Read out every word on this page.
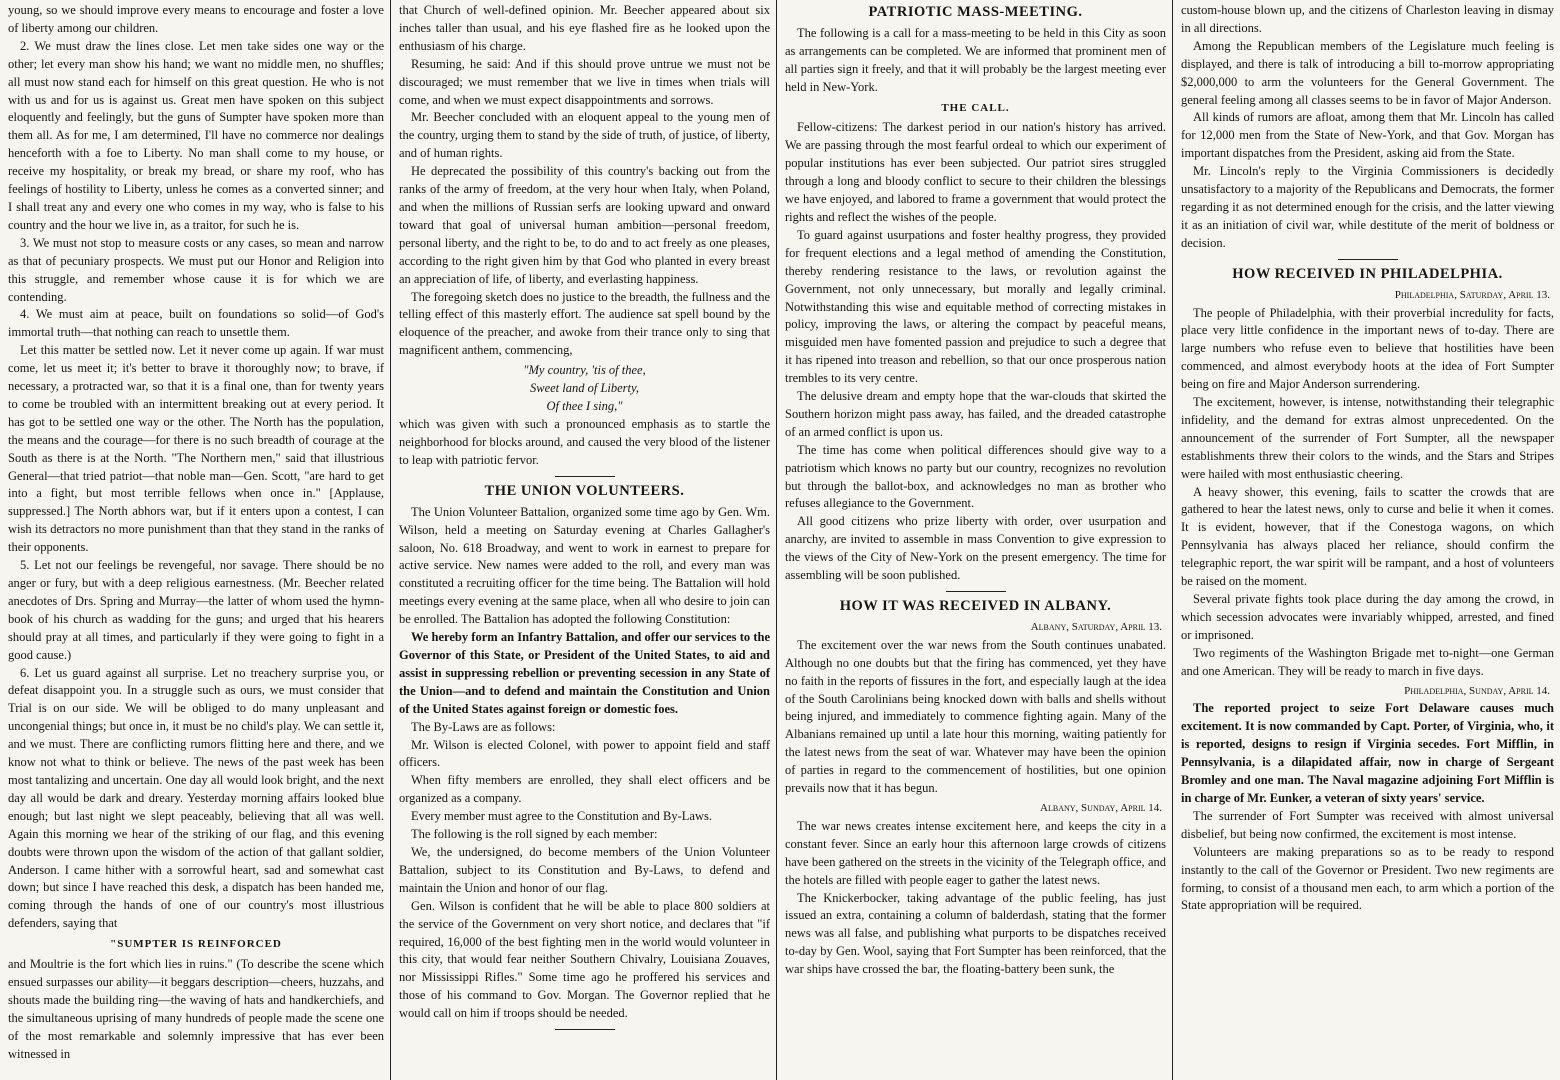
young, so we should improve every means to encourage and foster a love of liberty among our children.

2. We must draw the lines close. Let men take sides one way or the other; let every man show his hand; we want no middle men, no shuffles; all must now stand each for himself on this great question. He who is not with us and for us is against us. Great men have spoken on this subject eloquently and feelingly, but the guns of Sumpter have spoken more than them all. As for me, I am determined, I'll have no commerce nor dealings henceforth with a foe to Liberty. No man shall come to my house, or receive my hospitality, or break my bread, or share my roof, who has feelings of hostility to Liberty, unless he comes as a converted sinner; and I shall treat any and every one who comes in my way, who is false to his country and the hour we live in, as a traitor, for such he is.

3. We must not stop to measure costs or any cases, so mean and narrow as that of pecuniary prospects. We must put our Honor and Religion into this struggle, and remember whose cause it is for which we are contending.

4. We must aim at peace, built on foundations so solid—of God's immortal truth—that nothing can reach to unsettle them.

Let this matter be settled now. Let it never come up again. If war must come, let us meet it; it's better to brave it thoroughly now; to brave, if necessary, a protracted war, so that it is a final one, than for twenty years to come be troubled with an intermittent breaking out at every period. It has got to be settled one way or the other. The North has the population, the means and the courage—for there is no such breadth of courage at the South as there is at the North. "The Northern men," said that illustrious General—that tried patriot—that noble man—Gen. Scott, "are hard to get into a fight, but most terrible fellows when once in." [Applause, suppressed.] The North abhors war, but if it enters upon a contest, I can wish its detractors no more punishment than that they stand in the ranks of their opponents.

5. Let not our feelings be revengeful, nor savage. There should be no anger or fury, but with a deep religious earnestness. (Mr. Beecher related anecdotes of Drs. Spring and Murray—the latter of whom used the hymn-book of his church as wadding for the guns; and urged that his hearers should pray at all times, and particularly if they were going to fight in a good cause.)

6. Let us guard against all surprise. Let no treachery surprise you, or defeat disappoint you. In a struggle such as ours, we must consider that Trial is on our side. We will be obliged to do many unpleasant and uncongenial things; but once in, it must be no child's play. We can settle it, and we must. There are conflicting rumors flitting here and there, and we know not what to think or believe. The news of the past week has been most tantalizing and uncertain. One day all would look bright, and the next day all would be dark and dreary. Yesterday morning affairs looked blue enough; but last night we slept peaceably, believing that all was well. Again this morning we hear of the striking of our flag, and this evening doubts were thrown upon the wisdom of the action of that gallant soldier, Anderson. I came hither with a sorrowful heart, sad and somewhat cast down; but since I have reached this desk, a dispatch has been handed me, coming through the hands of one of our country's most illustrious defenders, saying that

"SUMPTER IS REINFORCED

and Moultrie is the fort which lies in ruins." (To describe the scene which ensued surpasses our ability—it beggars description—cheers, huzzahs, and shouts made the building ring—the waving of hats and handkerchiefs, and the simultaneous uprising of many hundreds of people made the scene one of the most remarkable and solemnly impressive that has ever been witnessed in

that Church of well-defined opinion. Mr. Beecher appeared about six inches taller than usual, and his eye flashed fire as he looked upon the enthusiasm of his charge.

Resuming, he said: And if this should prove untrue we must not be discouraged; we must remember that we live in times when trials will come, and when we must expect disappointments and sorrows.

Mr. Beecher concluded with an eloquent appeal to the young men of the country, urging them to stand by the side of truth, of justice, of liberty, and of human rights.

He deprecated the possibility of this country's backing out from the ranks of the army of freedom, at the very hour when Italy, when Poland, and when the millions of Russian serfs are looking upward and onward toward that goal of universal human ambition—personal freedom, personal liberty, and the right to be, to do and to act freely as one pleases, according to the right given him by that God who planted in every breast an appreciation of life, of liberty, and everlasting happiness.

The foregoing sketch does no justice to the breadth, the fullness and the telling effect of this masterly effort. The audience sat spell bound by the eloquence of the preacher, and awoke from their trance only to sing that magnificent anthem, commencing,

"My country, 'tis of thee,
Sweet land of Liberty,
Of thee I sing,"

which was given with such a pronounced emphasis as to startle the neighborhood for blocks around, and caused the very blood of the listener to leap with patriotic fervor.

THE UNION VOLUNTEERS.

The Union Volunteer Battalion, organized some time ago by Gen. Wm. Wilson, held a meeting on Saturday evening at Charles Gallagher's saloon, No. 618 Broadway, and went to work in earnest to prepare for active service. New names were added to the roll, and every man was constituted a recruiting officer for the time being. The Battalion will hold meetings every evening at the same place, when all who desire to join can be enrolled. The Battalion has adopted the following Constitution:

We hereby form an Infantry Battalion, and offer our services to the Governor of this State, or President of the United States, to aid and assist in suppressing rebellion or preventing secession in any State of the Union—and to defend and maintain the Constitution and Union of the United States against foreign or domestic foes.

The By-Laws are as follows:

Mr. Wilson is elected Colonel, with power to appoint field and staff officers.

When fifty members are enrolled, they shall elect officers and be organized as a company.

Every member must agree to the Constitution and By-Laws.

The following is the roll signed by each member:

We, the undersigned, do become members of the Union Volunteer Battalion, subject to its Constitution and By-Laws, to defend and maintain the Union and honor of our flag.

Gen. Wilson is confident that he will be able to place 800 soldiers at the service of the Government on very short notice, and declares that "if required, 16,000 of the best fighting men in the world would volunteer in this city, that would fear neither Southern Chivalry, Louisiana Zouaves, nor Mississippi Rifles." Some time ago he proffered his services and those of his command to Gov. Morgan. The Governor replied that he would call on him if troops should be needed.

PATRIOTIC MASS-MEETING.

The following is a call for a mass-meeting to be held in this City as soon as arrangements can be completed. We are informed that prominent men of all parties sign it freely, and that it will probably be the largest meeting ever held in New-York.

THE CALL.

Fellow-citizens: The darkest period in our nation's history has arrived. We are passing through the most fearful ordeal to which our experiment of popular institutions has ever been subjected. Our patriot sires struggled through a long and bloody conflict to secure to their children the blessings we have enjoyed, and labored to frame a government that would protect the rights and reflect the wishes of the people.

To guard against usurpations and foster healthy progress, they provided for frequent elections and a legal method of amending the Constitution, thereby rendering resistance to the laws, or revolution against the Government, not only unnecessary, but morally and legally criminal. Notwithstanding this wise and equitable method of correcting mistakes in policy, improving the laws, or altering the compact by peaceful means, misguided men have fomented passion and prejudice to such a degree that it has ripened into treason and rebellion, so that our once prosperous nation trembles to its very centre.

The delusive dream and empty hope that the war-clouds that skirted the Southern horizon might pass away, has failed, and the dreaded catastrophe of an armed conflict is upon us.

The time has come when political differences should give way to a patriotism which knows no party but our country, recognizes no revolution but through the ballot-box, and acknowledges no man as brother who refuses allegiance to the Government.

All good citizens who prize liberty with order, over usurpation and anarchy, are invited to assemble in mass Convention to give expression to the views of the City of New-York on the present emergency. The time for assembling will be soon published.

HOW IT WAS RECEIVED IN ALBANY.
Albany, Saturday, April 13.

The excitement over the war news from the South continues unabated. Although no one doubts but that the firing has commenced, yet they have no faith in the reports of fissures in the fort, and especially laugh at the idea of the South Carolinians being knocked down with balls and shells without being injured, and immediately to commence fighting again. Many of the Albanians remained up until a late hour this morning, waiting patiently for the latest news from the seat of war. Whatever may have been the opinion of parties in regard to the commencement of hostilities, but one opinion prevails now that it has begun.

Albany, Sunday, April 14.

The war news creates intense excitement here, and keeps the city in a constant fever. Since an early hour this afternoon large crowds of citizens have been gathered on the streets in the vicinity of the Telegraph office, and the hotels are filled with people eager to gather the latest news.

The Knickerbocker, taking advantage of the public feeling, has just issued an extra, containing a column of balderdash, stating that the former news was all false, and publishing what purports to be dispatches received to-day by Gen. Wool, saying that Fort Sumpter has been reinforced, that the war ships have crossed the bar, the floating-battery been sunk, the

custom-house blown up, and the citizens of Charleston leaving in dismay in all directions.

Among the Republican members of the Legislature much feeling is displayed, and there is talk of introducing a bill to-morrow appropriating $2,000,000 to arm the volunteers for the General Government. The general feeling among all classes seems to be in favor of Major Anderson.

All kinds of rumors are afloat, among them that Mr. Lincoln has called for 12,000 men from the State of New-York, and that Gov. Morgan has important dispatches from the President, asking aid from the State.

Mr. Lincoln's reply to the Virginia Commissioners is decidedly unsatisfactory to a majority of the Republicans and Democrats, the former regarding it as not determined enough for the crisis, and the latter viewing it as an initiation of civil war, while destitute of the merit of boldness or decision.

HOW RECEIVED IN PHILADELPHIA.
Philadelphia, Saturday, April 13.

The people of Philadelphia, with their proverbial incredulity for facts, place very little confidence in the important news of to-day. There are large numbers who refuse even to believe that hostilities have been commenced, and almost everybody hoots at the idea of Fort Sumpter being on fire and Major Anderson surrendering.

The excitement, however, is intense, notwithstanding their telegraphic infidelity, and the demand for extras almost unprecedented. On the announcement of the surrender of Fort Sumpter, all the newspaper establishments threw their colors to the winds, and the Stars and Stripes were hailed with most enthusiastic cheering.

A heavy shower, this evening, fails to scatter the crowds that are gathered to hear the latest news, only to curse and belie it when it comes. It is evident, however, that if the Conestoga wagons, on which Pennsylvania has always placed her reliance, should confirm the telegraphic report, the war spirit will be rampant, and a host of volunteers be raised on the moment.

Several private fights took place during the day among the crowd, in which secession advocates were invariably whipped, arrested, and fined or imprisoned.

Two regiments of the Washington Brigade met to-night—one German and one American. They will be ready to march in five days.

Philadelphia, Sunday, April 14.

The reported project to seize Fort Delaware causes much excitement. It is now commanded by Capt. Porter, of Virginia, who, it is reported, designs to resign if Virginia secedes. Fort Mifflin, in Pennsylvania, is a dilapidated affair, now in charge of Sergeant Bromley and one man. The Naval magazine adjoining Fort Mifflin is in charge of Mr. Eunker, a veteran of sixty years' service.

The surrender of Fort Sumpter was received with almost universal disbelief, but being now confirmed, the excitement is most intense.

Volunteers are making preparations so as to be ready to respond instantly to the call of the Governor or President. Two new regiments are forming, to consist of a thousand men each, to arm which a portion of the State appropriation will be required.
